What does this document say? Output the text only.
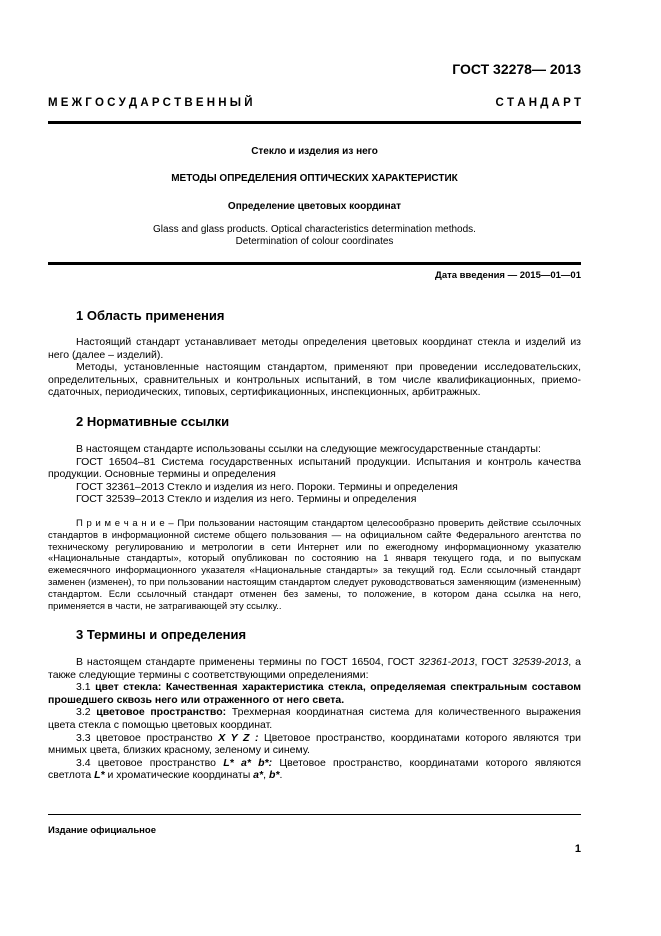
ГОСТ 32278— 2013
М Е Ж Г О С У Д А Р С Т В Е Н Н Ы Й	С Т А Н Д А Р Т
Стекло и изделия из него
МЕТОДЫ ОПРЕДЕЛЕНИЯ ОПТИЧЕСКИХ ХАРАКТЕРИСТИК
Определение цветовых координат
Glass and glass products. Optical characteristics determination methods.
Determination of colour coordinates
Дата введения — 2015—01—01
1 Область применения

Настоящий стандарт устанавливает методы определения цветовых координат стекла и изделий из него (далее – изделий).

Методы, установленные настоящим стандартом, применяют при проведении исследовательских, определительных, сравнительных и контрольных испытаний, в том числе квалификационных, приемо-сдаточных, периодических, типовых, сертификационных, инспекционных, арбитражных.

2 Нормативные ссылки

В настоящем стандарте использованы ссылки на следующие межгосударственные стандарты:

ГОСТ 16504–81 Система государственных испытаний продукции. Испытания и контроль качества продукции. Основные термины и определения

ГОСТ 32361–2013 Стекло и изделия из него. Пороки. Термины и определения

ГОСТ 32539–2013 Стекло и изделия из него. Термины и определения

П р и м е ч а н и е – При пользовании настоящим стандартом целесообразно проверить действие ссылочных стандартов в информационной системе общего пользования — на официальном сайте Федерального агентства по техническому регулированию и метрологии в сети Интернет или по ежегодному информационному указателю «Национальные стандарты», который опубликован по состоянию на 1 января текущего года, и по выпускам ежемесячного информационного указателя «Национальные стандарты» за текущий год. Если ссылочный стандарт заменен (изменен), то при пользовании настоящим стандартом следует руководствоваться заменяющим (измененным) стандартом. Если ссылочный стандарт отменен без замены, то положение, в котором дана ссылка на него, применяется в части, не затрагивающей эту ссылку..

3 Термины и определения

В настоящем стандарте применены термины по ГОСТ 16504, ГОСТ 32361-2013, ГОСТ 32539-2013, а также следующие термины с соответствующими определениями:

3.1 цвет стекла: Качественная характеристика стекла, определяемая спектральным составом прошедшего сквозь него или отраженного от него света.

3.2 цветовое пространство: Трехмерная координатная система для количественного выражения цвета стекла с помощью цветовых координат.

3.3 цветовое пространство X Y Z : Цветовое пространство, координатами которого являются три мнимых цвета, близких красному, зеленому и синему.

3.4 цветовое пространство L* a* b*: Цветовое пространство, координатами которого являются светлота L* и хроматические координаты a*, b*.

Издание официальное
1
